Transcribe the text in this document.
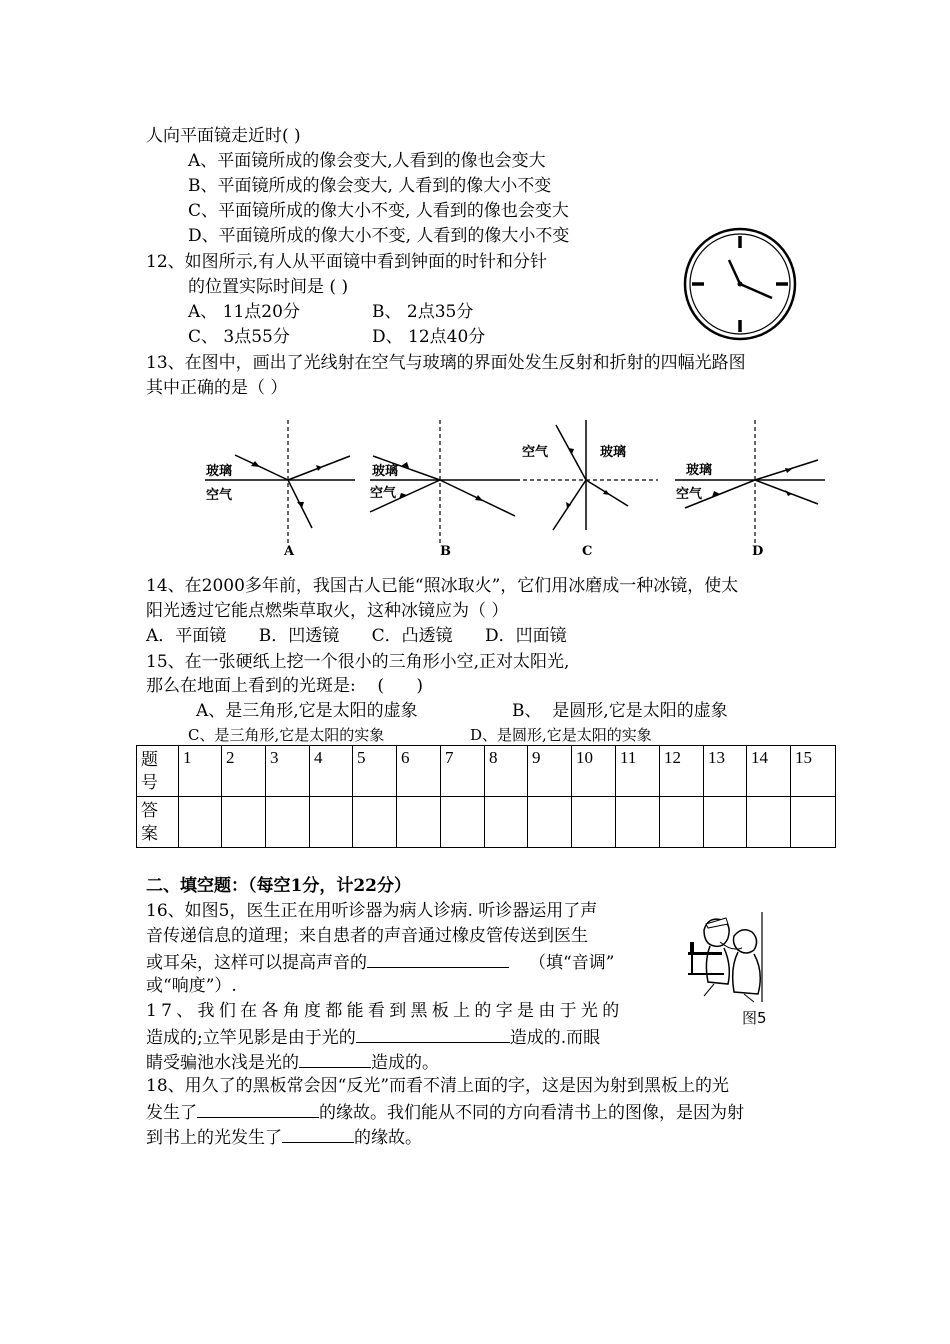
人向平面镜走近时( )
A、平面镜所成的像会变大,人看到的像也会变大
B、平面镜所成的像会变大, 人看到的像大小不变
C、平面镜所成的像大小不变, 人看到的像也会变大
D、平面镜所成的像大小不变, 人看到的像大小不变
12、如图所示,有人从平面镜中看到钟面的时针和分针
的位置实际时间是 ( )
A、 11点20分	B、 2点35分
C、 3点55分	D、 12点40分
13、在图中，画出了光线射在空气与玻璃的界面处发生反射和折射的四幅光路图
其中正确的是（ ）
玻璃
空气
A
玻璃
空气
B
空气	玻璃
C
玻璃
空气
D
14、在2000多年前，我国古人已能“照冰取火”，它们用冰磨成一种冰镜，使太
阳光透过它能点燃柴草取火，这种冰镜应为（ ）
A．平面镜      B．凹透镜      C．凸透镜      D．凹面镜
15、在一张硬纸上挖一个很小的三角形小空,正对太阳光,
那么在地面上看到的光斑是:    (      )
A、是三角形,它是太阳的虚象	B、  是圆形,它是太阳的虚象
C、是三角形,它是太阳的实象	D、是圆形,它是太阳的实象
题
号	1	2	3	4	5	6	7	8	9	10	11	12	13	14	15

答
案															

二、填空题：（每空1分，计22分）
16、如图5，医生正在用听诊器为病人诊病. 听诊器运用了声
音传递信息的道理；来自患者的声音通过橡皮管传送到医生
或耳朵，这样可以提高声音的	（填“音调”
或“响度”）.
图5
17、我们在各角度都能看到黑板上的字是由于光的
造成的;立竿见影是由于光的	造成的.而眼
睛受骗池水浅是光的	造成的。
18、用久了的黑板常会因“反光”而看不清上面的字，这是因为射到黑板上的光
发生了	的缘故。我们能从不同的方向看清书上的图像，是因为射
到书上的光发生了	的缘故。
